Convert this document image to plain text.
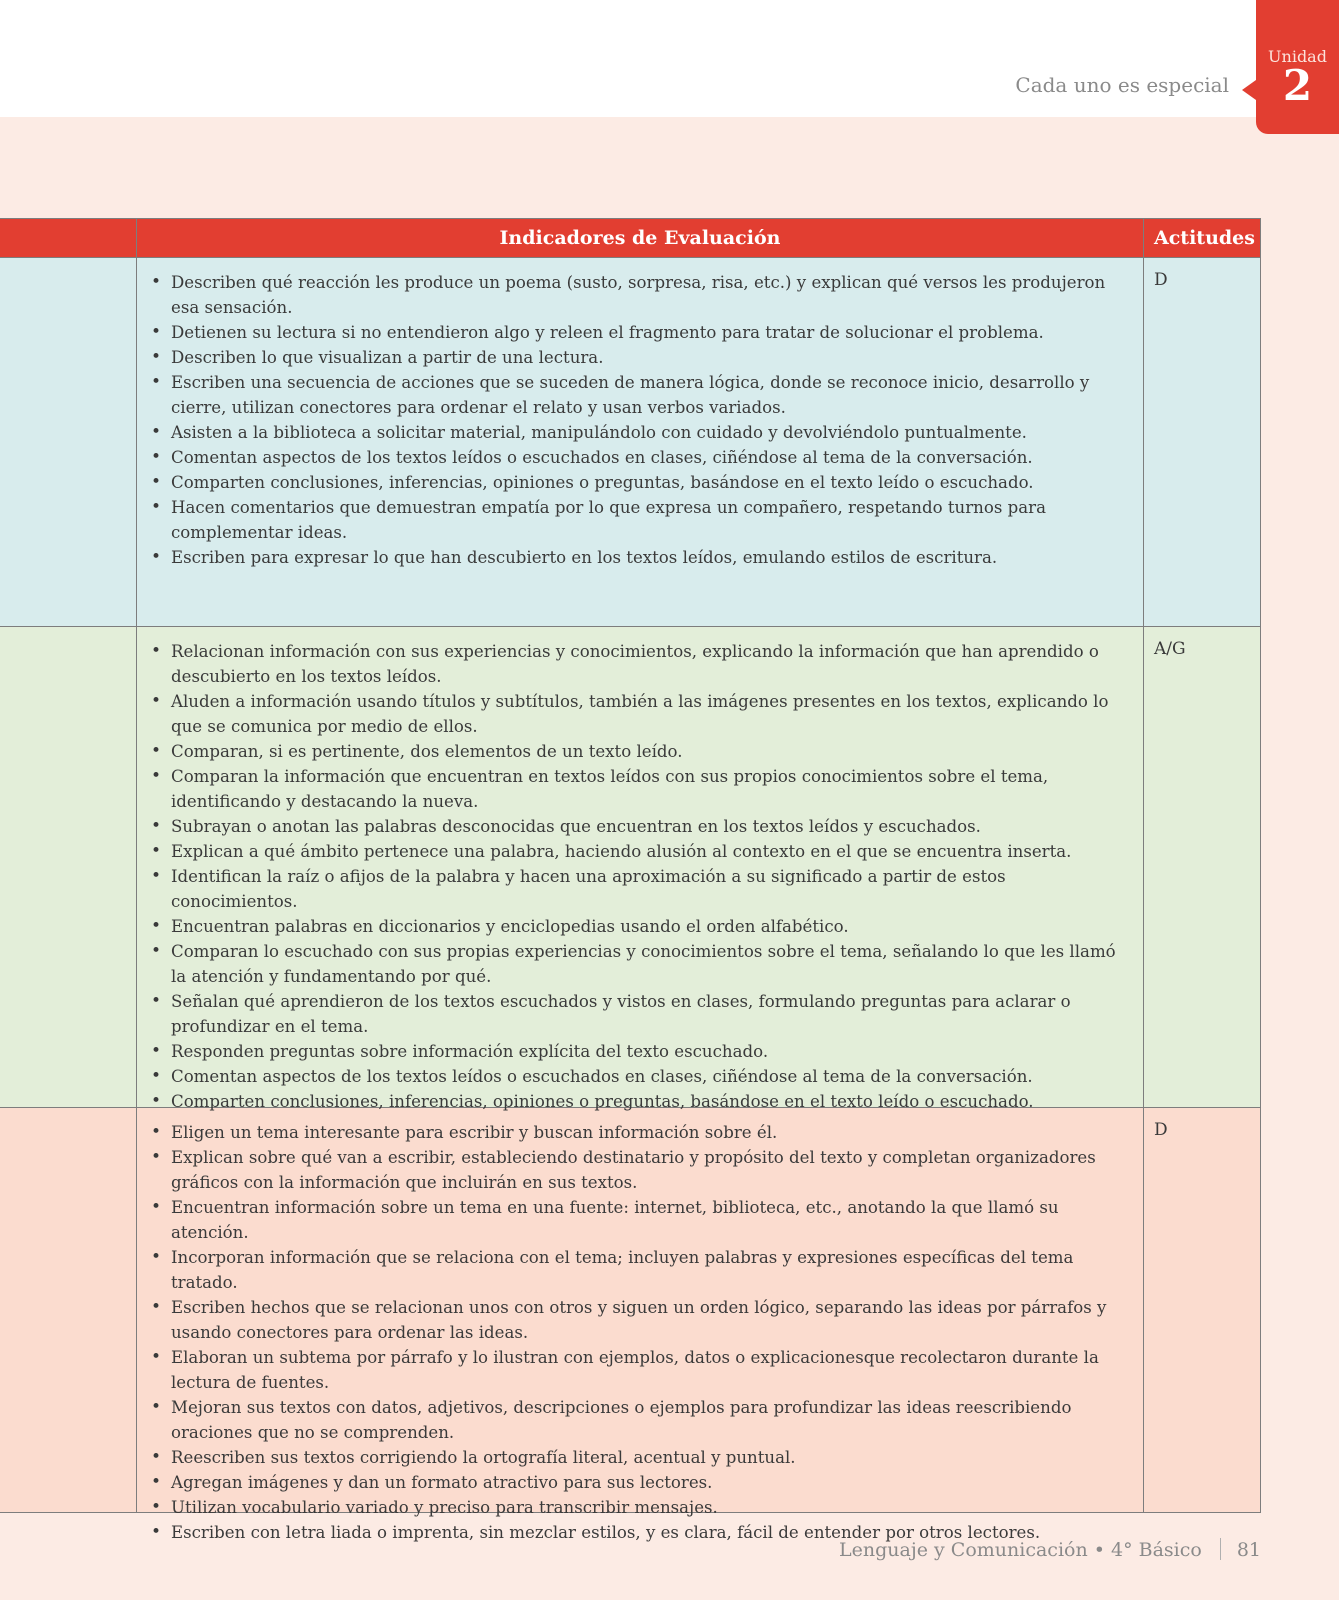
Cada uno es especial
Unidad
2
Indicadores de Evaluación	Actitudes
• Describen qué reacción les produce un poema (susto, sorpresa, risa, etc.) y explican qué versos les produjeron esa sensación.
• Detienen su lectura si no entendieron algo y releen el fragmento para tratar de solucionar el problema.
• Describen lo que visualizan a partir de una lectura.
• Escriben una secuencia de acciones que se suceden de manera lógica, donde se reconoce inicio, desarrollo y cierre, utilizan conectores para ordenar el relato y usan verbos variados.
• Asisten a la biblioteca a solicitar material, manipulándolo con cuidado y devolviéndolo puntualmente.
• Comentan aspectos de los textos leídos o escuchados en clases, ciñéndose al tema de la conversación.
• Comparten conclusiones, inferencias, opiniones o preguntas, basándose en el texto leído o escuchado.
• Hacen comentarios que demuestran empatía por lo que expresa un compañero, respetando turnos para complementar ideas.
• Escriben para expresar lo que han descubierto en los textos leídos, emulando estilos de escritura.
D
• Relacionan información con sus experiencias y conocimientos, explicando la información que han aprendido o descubierto en los textos leídos.
• Aluden a información usando títulos y subtítulos, también a las imágenes presentes en los textos, explicando lo que se comunica por medio de ellos.
• Comparan, si es pertinente, dos elementos de un texto leído.
• Comparan la información que encuentran en textos leídos con sus propios conocimientos sobre el tema, identificando y destacando la nueva.
• Subrayan o anotan las palabras desconocidas que encuentran en los textos leídos y escuchados.
• Explican a qué ámbito pertenece una palabra, haciendo alusión al contexto en el que se encuentra inserta.
• Identifican la raíz o afijos de la palabra y hacen una aproximación a su significado a partir de estos conocimientos.
• Encuentran palabras en diccionarios y enciclopedias usando el orden alfabético.
• Comparan lo escuchado con sus propias experiencias y conocimientos sobre el tema, señalando lo que les llamó la atención y fundamentando por qué.
• Señalan qué aprendieron de los textos escuchados y vistos en clases, formulando preguntas para aclarar o profundizar en el tema.
• Responden preguntas sobre información explícita del texto escuchado.
• Comentan aspectos de los textos leídos o escuchados en clases, ciñéndose al tema de la conversación.
• Comparten conclusiones, inferencias, opiniones o preguntas, basándose en el texto leído o escuchado.
A/G
• Eligen un tema interesante para escribir y buscan información sobre él.
• Explican sobre qué van a escribir, estableciendo destinatario y propósito del texto y completan organizadores gráficos con la información que incluirán en sus textos.
• Encuentran información sobre un tema en una fuente: internet, biblioteca, etc., anotando la que llamó su atención.
• Incorporan información que se relaciona con el tema; incluyen palabras y expresiones específicas del tema tratado.
• Escriben hechos que se relacionan unos con otros y siguen un orden lógico, separando las ideas por párrafos y usando conectores para ordenar las ideas.
• Elaboran un subtema por párrafo y lo ilustran con ejemplos, datos o explicacionesque recolectaron durante la lectura de fuentes.
• Mejoran sus textos con datos, adjetivos, descripciones o ejemplos para profundizar las ideas reescribiendo oraciones que no se comprenden.
• Reescriben sus textos corrigiendo la ortografía literal, acentual y puntual.
• Agregan imágenes y dan un formato atractivo para sus lectores.
• Utilizan vocabulario variado y preciso para transcribir mensajes.
• Escriben con letra liada o imprenta, sin mezclar estilos, y es clara, fácil de entender por otros lectores.
D
Lenguaje y Comunicación • 4° Básico 81
